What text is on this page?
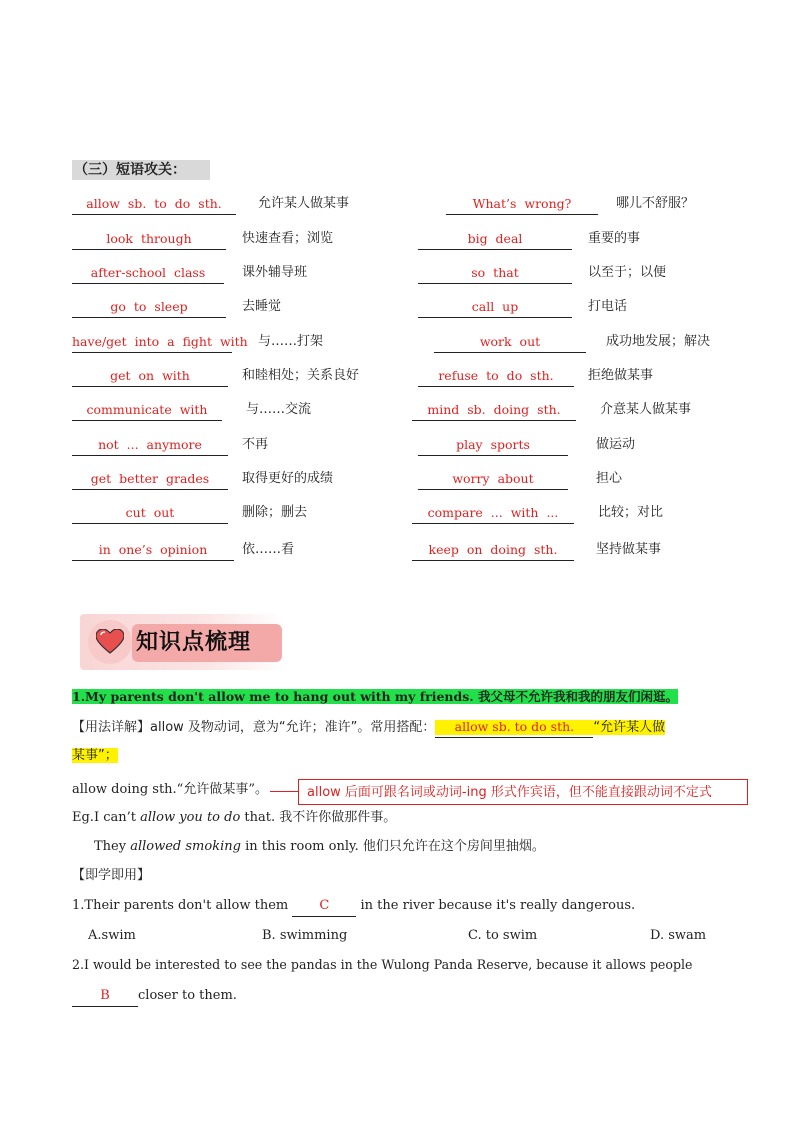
（三）短语攻关：
allow sb. to do sth.	允许某人做某事	What’s wrong?	哪儿不舒服？
look through	快速查看；浏览	big deal	重要的事
after-school class	课外辅导班	so that	以至于；以便
go to sleep	去睡觉	call up	打电话
have/get into a fight with 与……打架	work out	成功地发展；解决
get on with	和睦相处；关系良好	refuse to do sth.	拒绝做某事
communicate with	与……交流	mind sb. doing sth.	介意某人做某事
not ... anymore	不再	play sports	做运动
get better grades	取得更好的成绩	worry about	担心
cut out	删除；删去	compare ... with ...	比较；对比
in one’s opinion	依……看	keep on doing sth.	坚持做某事
知识点梳理
1.My parents don't allow me to hang out with my friends. 我父母不允许我和我的朋友们闲逛。
【用法详解】allow 及物动词，意为“允许；准许”。常用搭配： allow sb. to do sth. “允许某人做
某事”；
allow doing sth.“允许做某事”。	allow 后面可跟名词或动词-ing 形式作宾语，但不能直接跟动词不定式
Eg.I can’t allow you to do that. 我不许你做那件事。
They allowed smoking in this room only. 他们只允许在这个房间里抽烟。
【即学即用】
1.Their parents don't allow them C in the river because it's really dangerous.
A.swim	B. swimming	C. to swim	D. swam
2.I would be interested to see the pandas in the Wulong Panda Reserve, because it allows people
B closer to them.
